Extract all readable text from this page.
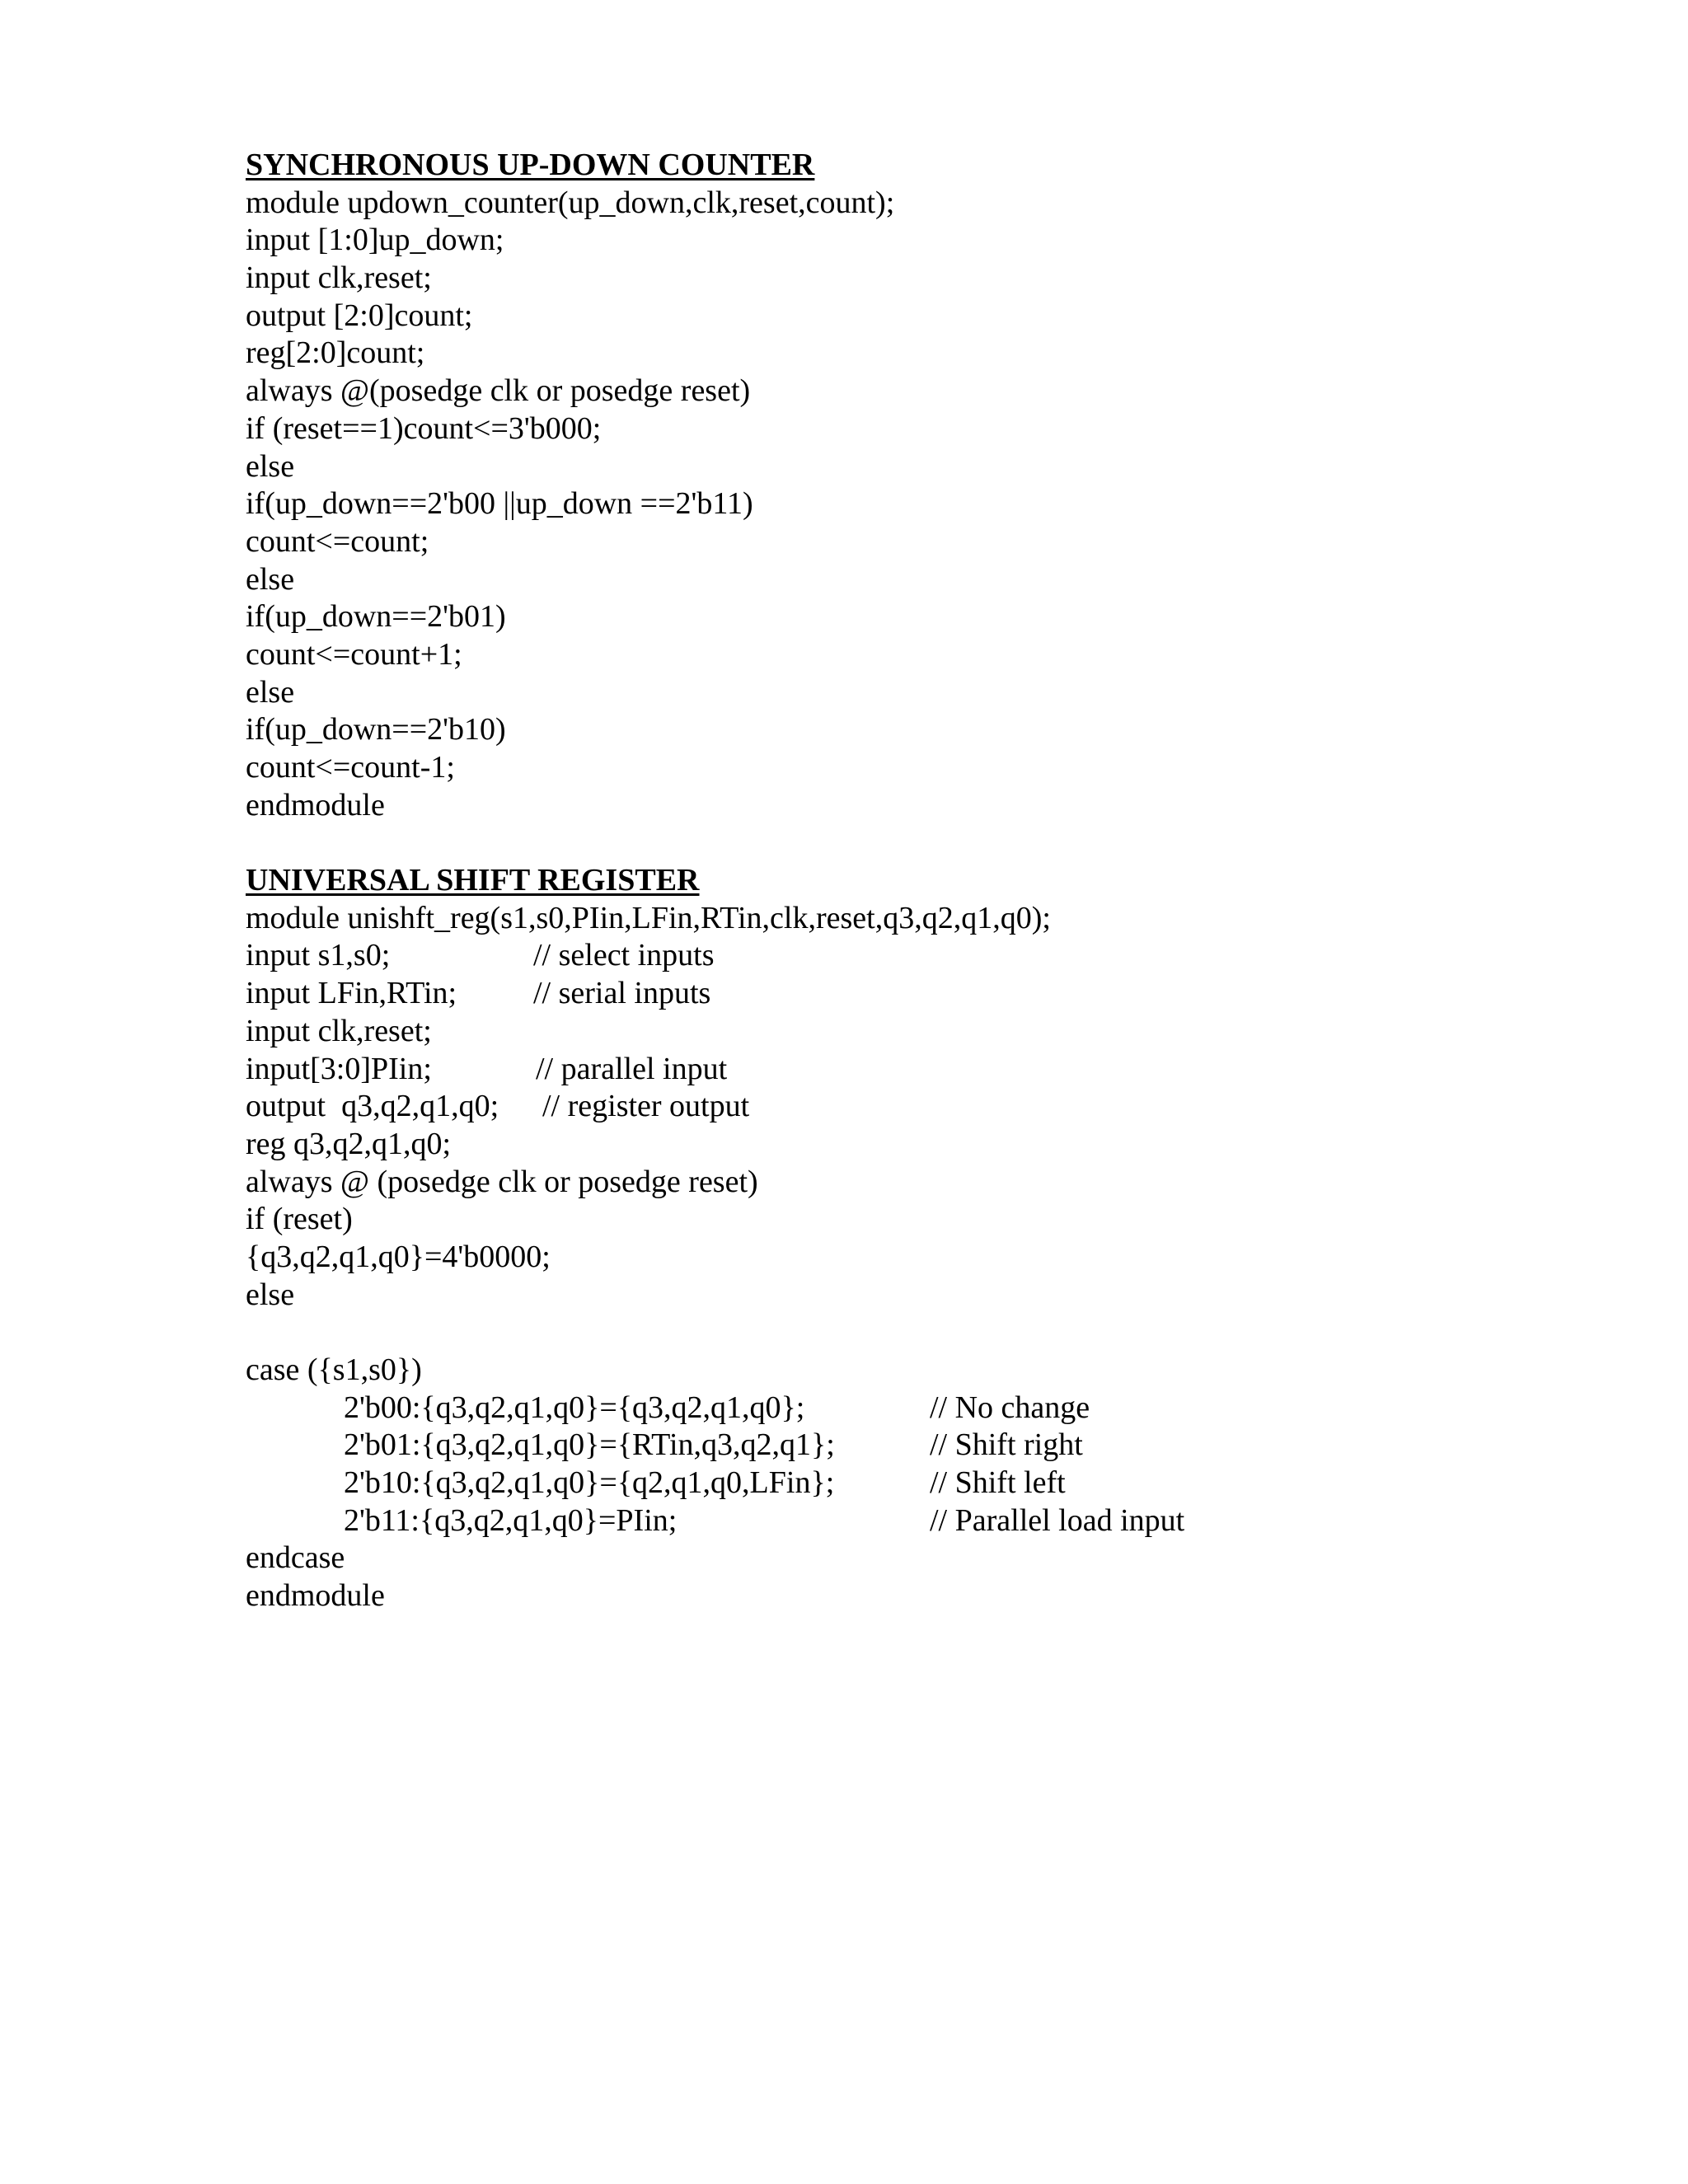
SYNCHRONOUS UP-DOWN COUNTER
module updown_counter(up_down,clk,reset,count);
input [1:0]up_down;
input clk,reset;
output [2:0]count;
reg[2:0]count;
always @(posedge clk or posedge reset)
if (reset==1)count<=3'b000;
else
if(up_down==2'b00 ||up_down ==2'b11)
count<=count;
else
if(up_down==2'b01)
count<=count+1;
else
if(up_down==2'b10)
count<=count-1;
endmodule
UNIVERSAL SHIFT REGISTER
module unishft_reg(s1,s0,PIin,LFin,RTin,clk,reset,q3,q2,q1,q0);

input s1,s0;

	// select inputs

input LFin,RTin;

// serial inputs

input clk,reset;

input[3:0]PIin;

	// parallel input

output  q3,q2,q1,q0;

// register output

reg q3,q2,q1,q0;
always @ (posedge clk or posedge reset)
if (reset)
{q3,q2,q1,q0}=4'b0000;
else
case ({s1,s0})

2'b00:{q3,q2,q1,q0}={q3,q2,q1,q0};

	// No change

2'b01:{q3,q2,q1,q0}={RTin,q3,q2,q1};

	// Shift right

2'b10:{q3,q2,q1,q0}={q2,q1,q0,LFin};

	// Shift left

2'b11:{q3,q2,q1,q0}=PIin;

	// Parallel load input

endcase
endmodule
